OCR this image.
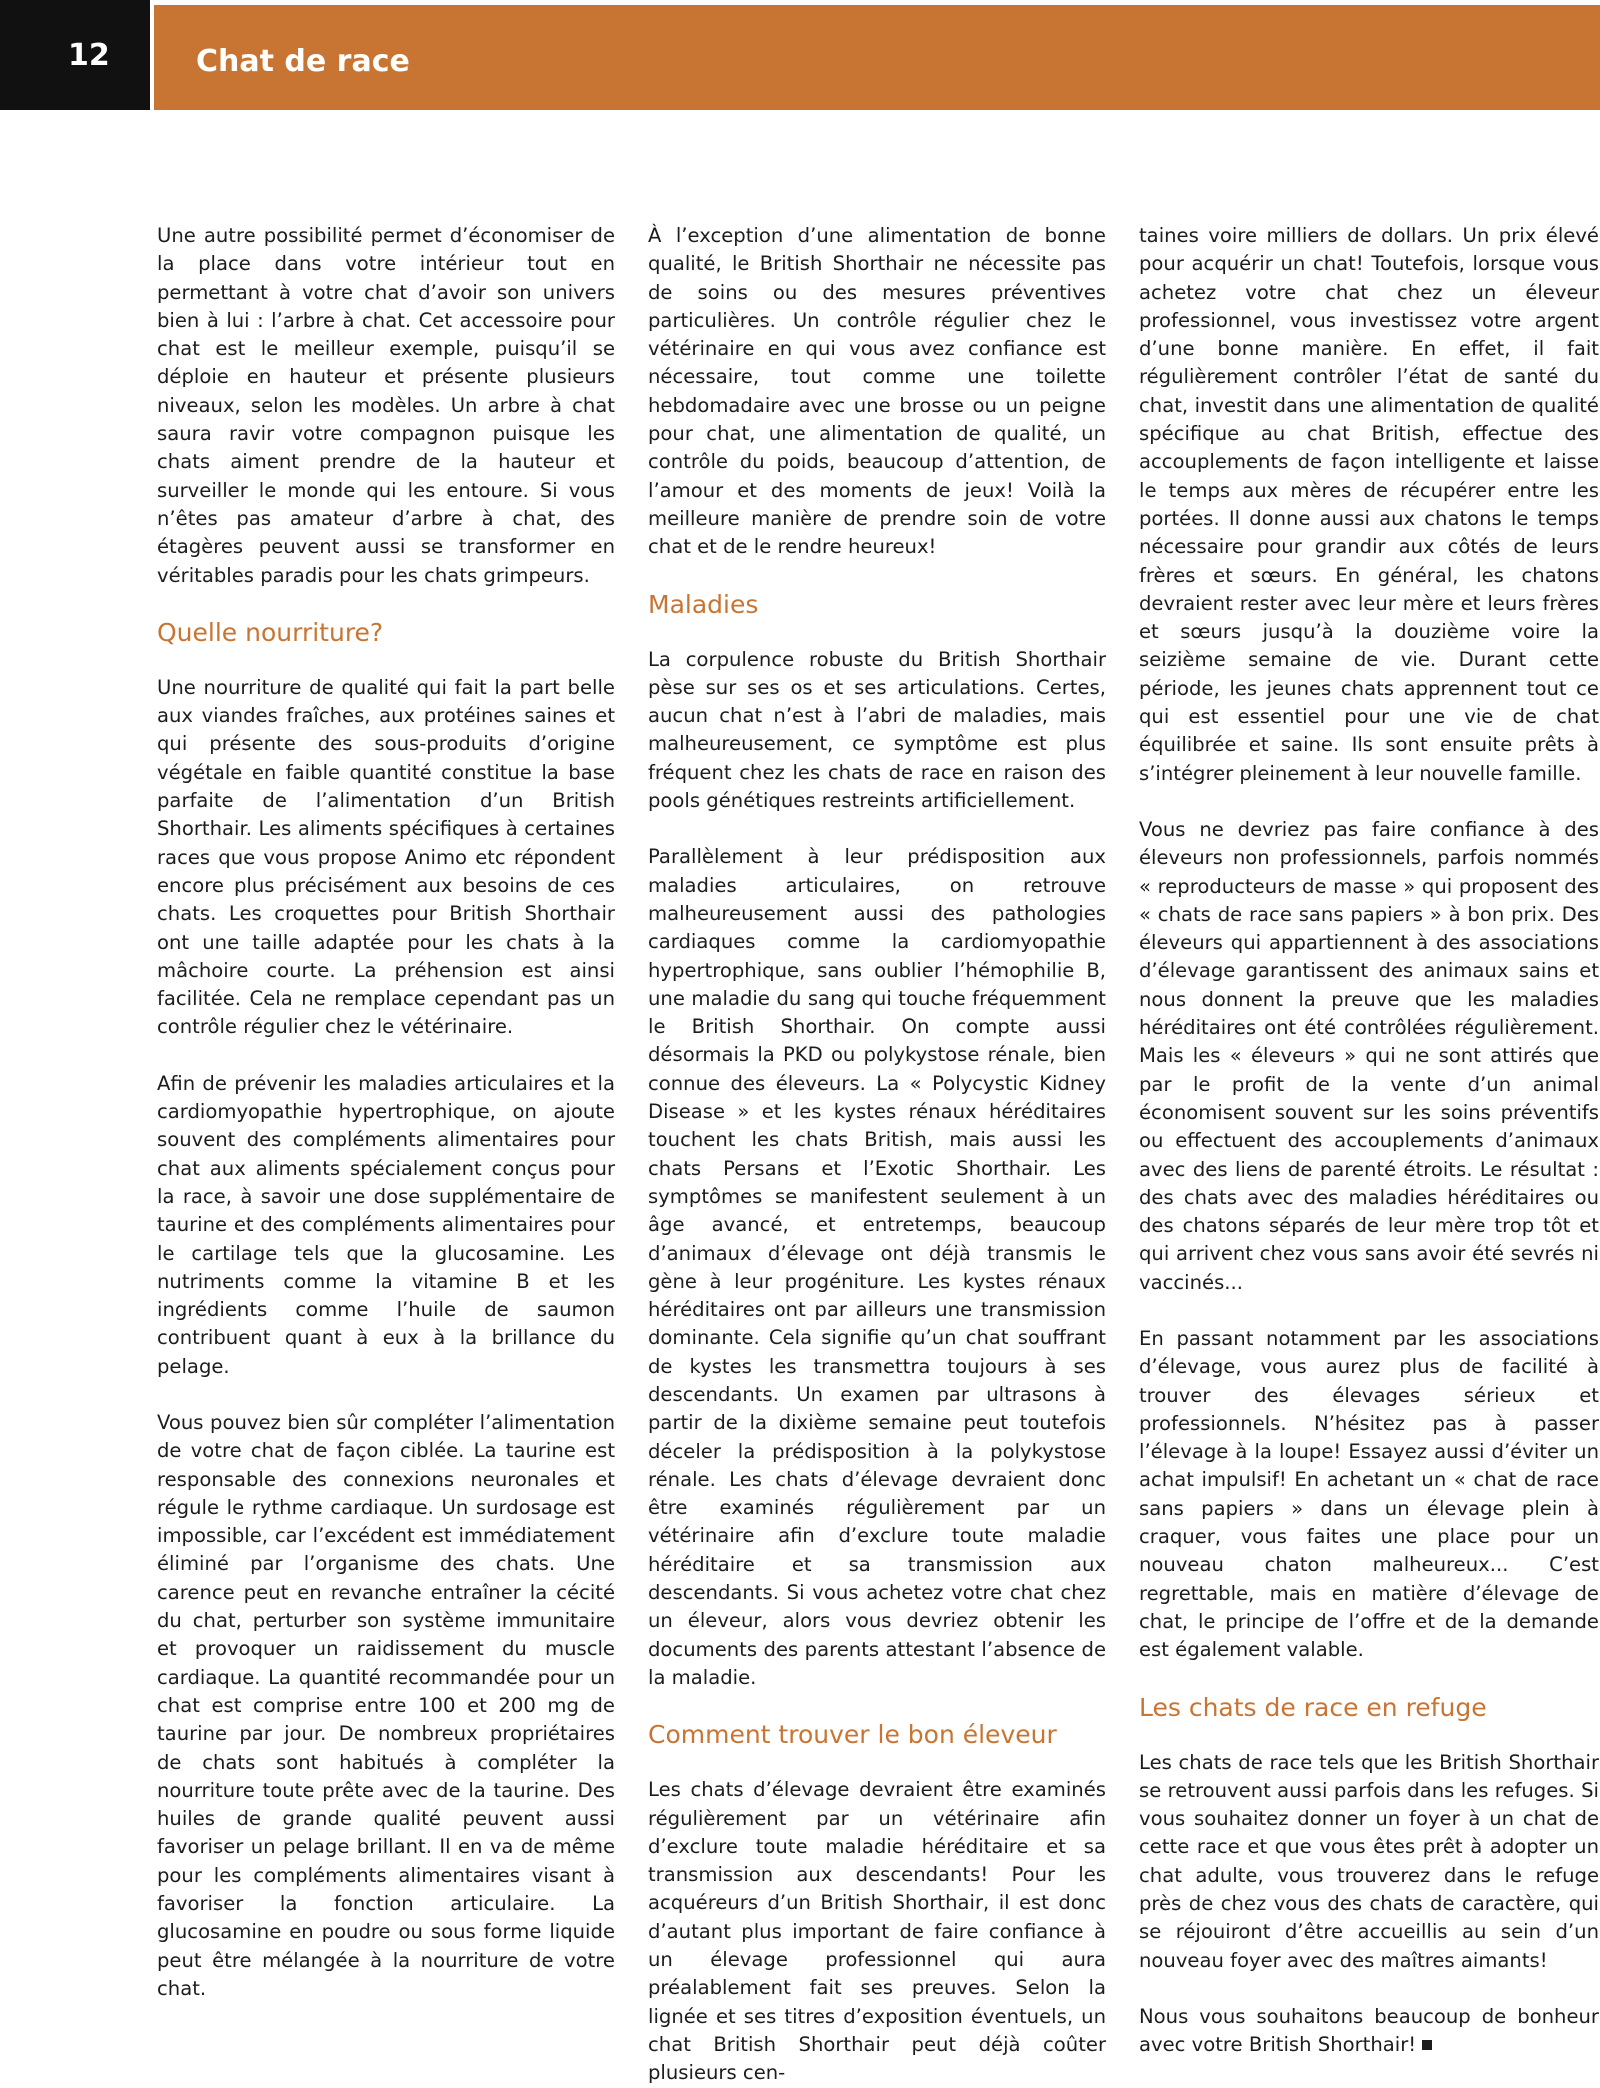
12	Chat de race

Une autre possibilité permet d’économiser de la place dans votre intérieur tout en permettant à votre chat d’avoir son univers bien à lui : l’arbre à chat. Cet accessoire pour chat est le meilleur exemple, puisqu’il se déploie en hauteur et présente plusieurs niveaux, selon les modèles. Un arbre à chat saura ravir votre compagnon puisque les chats aiment prendre de la hauteur et surveiller le monde qui les entoure. Si vous n’êtes pas amateur d’arbre à chat, des étagères peuvent aussi se transformer en véritables paradis pour les chats grimpeurs.

Quelle nourriture?

Une nourriture de qualité qui fait la part belle aux viandes fraîches, aux protéines saines et qui présente des sous-produits d’origine végétale en faible quantité constitue la base parfaite de l’alimentation d’un British Shorthair. Les aliments spécifiques à certaines races que vous propose Animo etc répondent encore plus précisément aux besoins de ces chats. Les croquettes pour British Shorthair ont une taille adaptée pour les chats à la mâchoire courte. La préhension est ainsi facilitée. Cela ne remplace cependant pas un contrôle régulier chez le vétérinaire.

Afin de prévenir les maladies articulaires et la cardiomyopathie hypertrophique, on ajoute souvent des compléments alimentaires pour chat aux aliments spécialement conçus pour la race, à savoir une dose supplémentaire de taurine et des compléments alimentaires pour le cartilage tels que la glucosamine. Les nutriments comme la vitamine B et les ingrédients comme l’huile de saumon contribuent quant à eux à la brillance du pelage.

Vous pouvez bien sûr compléter l’alimentation de votre chat de façon ciblée. La taurine est responsable des connexions neuronales et régule le rythme cardiaque. Un surdosage est impossible, car l’excédent est immédiatement éliminé par l’organisme des chats. Une carence peut en revanche entraîner la cécité du chat, perturber son système immunitaire et provoquer un raidissement du muscle cardiaque. La quantité recommandée pour un chat est comprise entre 100 et 200 mg de taurine par jour. De nombreux propriétaires de chats sont habitués à compléter la nourriture toute prête avec de la taurine. Des huiles de grande qualité peuvent aussi favoriser un pelage brillant. Il en va de même pour les compléments alimentaires visant à favoriser la fonction articulaire. La glucosamine en poudre ou sous forme liquide peut être mélangée à la nourriture de votre chat.

À l’exception d’une alimentation de bonne qualité, le British Shorthair ne nécessite pas de soins ou des mesures préventives particulières. Un contrôle régulier chez le vétérinaire en qui vous avez confiance est nécessaire, tout comme une toilette hebdomadaire avec une brosse ou un peigne pour chat, une alimentation de qualité, un contrôle du poids, beaucoup d’attention, de l’amour et des moments de jeux! Voilà la meilleure manière de prendre soin de votre chat et de le rendre heureux!

Maladies

La corpulence robuste du British Shorthair pèse sur ses os et ses articulations. Certes, aucun chat n’est à l’abri de maladies, mais malheureusement, ce symptôme est plus fréquent chez les chats de race en raison des pools génétiques restreints artificiellement.

Parallèlement à leur prédisposition aux maladies articulaires, on retrouve malheureusement aussi des pathologies cardiaques comme la cardiomyopathie hypertrophique, sans oublier l’hémophilie B, une maladie du sang qui touche fréquemment le British Shorthair. On compte aussi désormais la PKD ou polykystose rénale, bien connue des éleveurs. La « Polycystic Kidney Disease » et les kystes rénaux héréditaires touchent les chats British, mais aussi les chats Persans et l’Exotic Shorthair. Les symptômes se manifestent seulement à un âge avancé, et entretemps, beaucoup d’animaux d’élevage ont déjà transmis le gène à leur progéniture. Les kystes rénaux héréditaires ont par ailleurs une transmission dominante. Cela signifie qu’un chat souffrant de kystes les transmettra toujours à ses descendants. Un examen par ultrasons à partir de la dixième semaine peut toutefois déceler la prédisposition à la polykystose rénale. Les chats d’élevage devraient donc être examinés régulièrement par un vétérinaire afin d’exclure toute maladie héréditaire et sa transmission aux descendants. Si vous achetez votre chat chez un éleveur, alors vous devriez obtenir les documents des parents attestant l’absence de la maladie.

Comment trouver le bon éleveur

Les chats d’élevage devraient être examinés régulièrement par un vétérinaire afin d’exclure toute maladie héréditaire et sa transmission aux descendants! Pour les acquéreurs d’un British Shorthair, il est donc d’autant plus important de faire confiance à un élevage professionnel qui aura préalablement fait ses preuves. Selon la lignée et ses titres d’exposition éventuels, un chat British Shorthair peut déjà coûter plusieurs cen-

taines voire milliers de dollars. Un prix élevé pour acquérir un chat! Toutefois, lorsque vous achetez votre chat chez un éleveur professionnel, vous investissez votre argent d’une bonne manière. En effet, il fait régulièrement contrôler l’état de santé du chat, investit dans une alimentation de qualité spécifique au chat British, effectue des accouplements de façon intelligente et laisse le temps aux mères de récupérer entre les portées. Il donne aussi aux chatons le temps nécessaire pour grandir aux côtés de leurs frères et sœurs. En général, les chatons devraient rester avec leur mère et leurs frères et sœurs jusqu’à la douzième voire la seizième semaine de vie. Durant cette période, les jeunes chats apprennent tout ce qui est essentiel pour une vie de chat équilibrée et saine. Ils sont ensuite prêts à s’intégrer pleinement à leur nouvelle famille.

Vous ne devriez pas faire confiance à des éleveurs non professionnels, parfois nommés « reproducteurs de masse » qui proposent des « chats de race sans papiers » à bon prix. Des éleveurs qui appartiennent à des associations d’élevage garantissent des animaux sains et nous donnent la preuve que les maladies héréditaires ont été contrôlées régulièrement. Mais les « éleveurs » qui ne sont attirés que par le profit de la vente d’un animal économisent souvent sur les soins préventifs ou effectuent des accouplements d’animaux avec des liens de parenté étroits. Le résultat : des chats avec des maladies héréditaires ou des chatons séparés de leur mère trop tôt et qui arrivent chez vous sans avoir été sevrés ni vaccinés...

En passant notamment par les associations d’élevage, vous aurez plus de facilité à trouver des élevages sérieux et professionnels. N’hésitez pas à passer l’élevage à la loupe! Essayez aussi d’éviter un achat impulsif! En achetant un « chat de race sans papiers » dans un élevage plein à craquer, vous faites une place pour un nouveau chaton malheureux... C’est regrettable, mais en matière d’élevage de chat, le principe de l’offre et de la demande est également valable.

Les chats de race en refuge

Les chats de race tels que les British Shorthair se retrouvent aussi parfois dans les refuges. Si vous souhaitez donner un foyer à un chat de cette race et que vous êtes prêt à adopter un chat adulte, vous trouverez dans le refuge près de chez vous des chats de caractère, qui se réjouiront d’être accueillis au sein d’un nouveau foyer avec des maîtres aimants!

Nous vous souhaitons beaucoup de bonheur avec votre British Shorthair!
